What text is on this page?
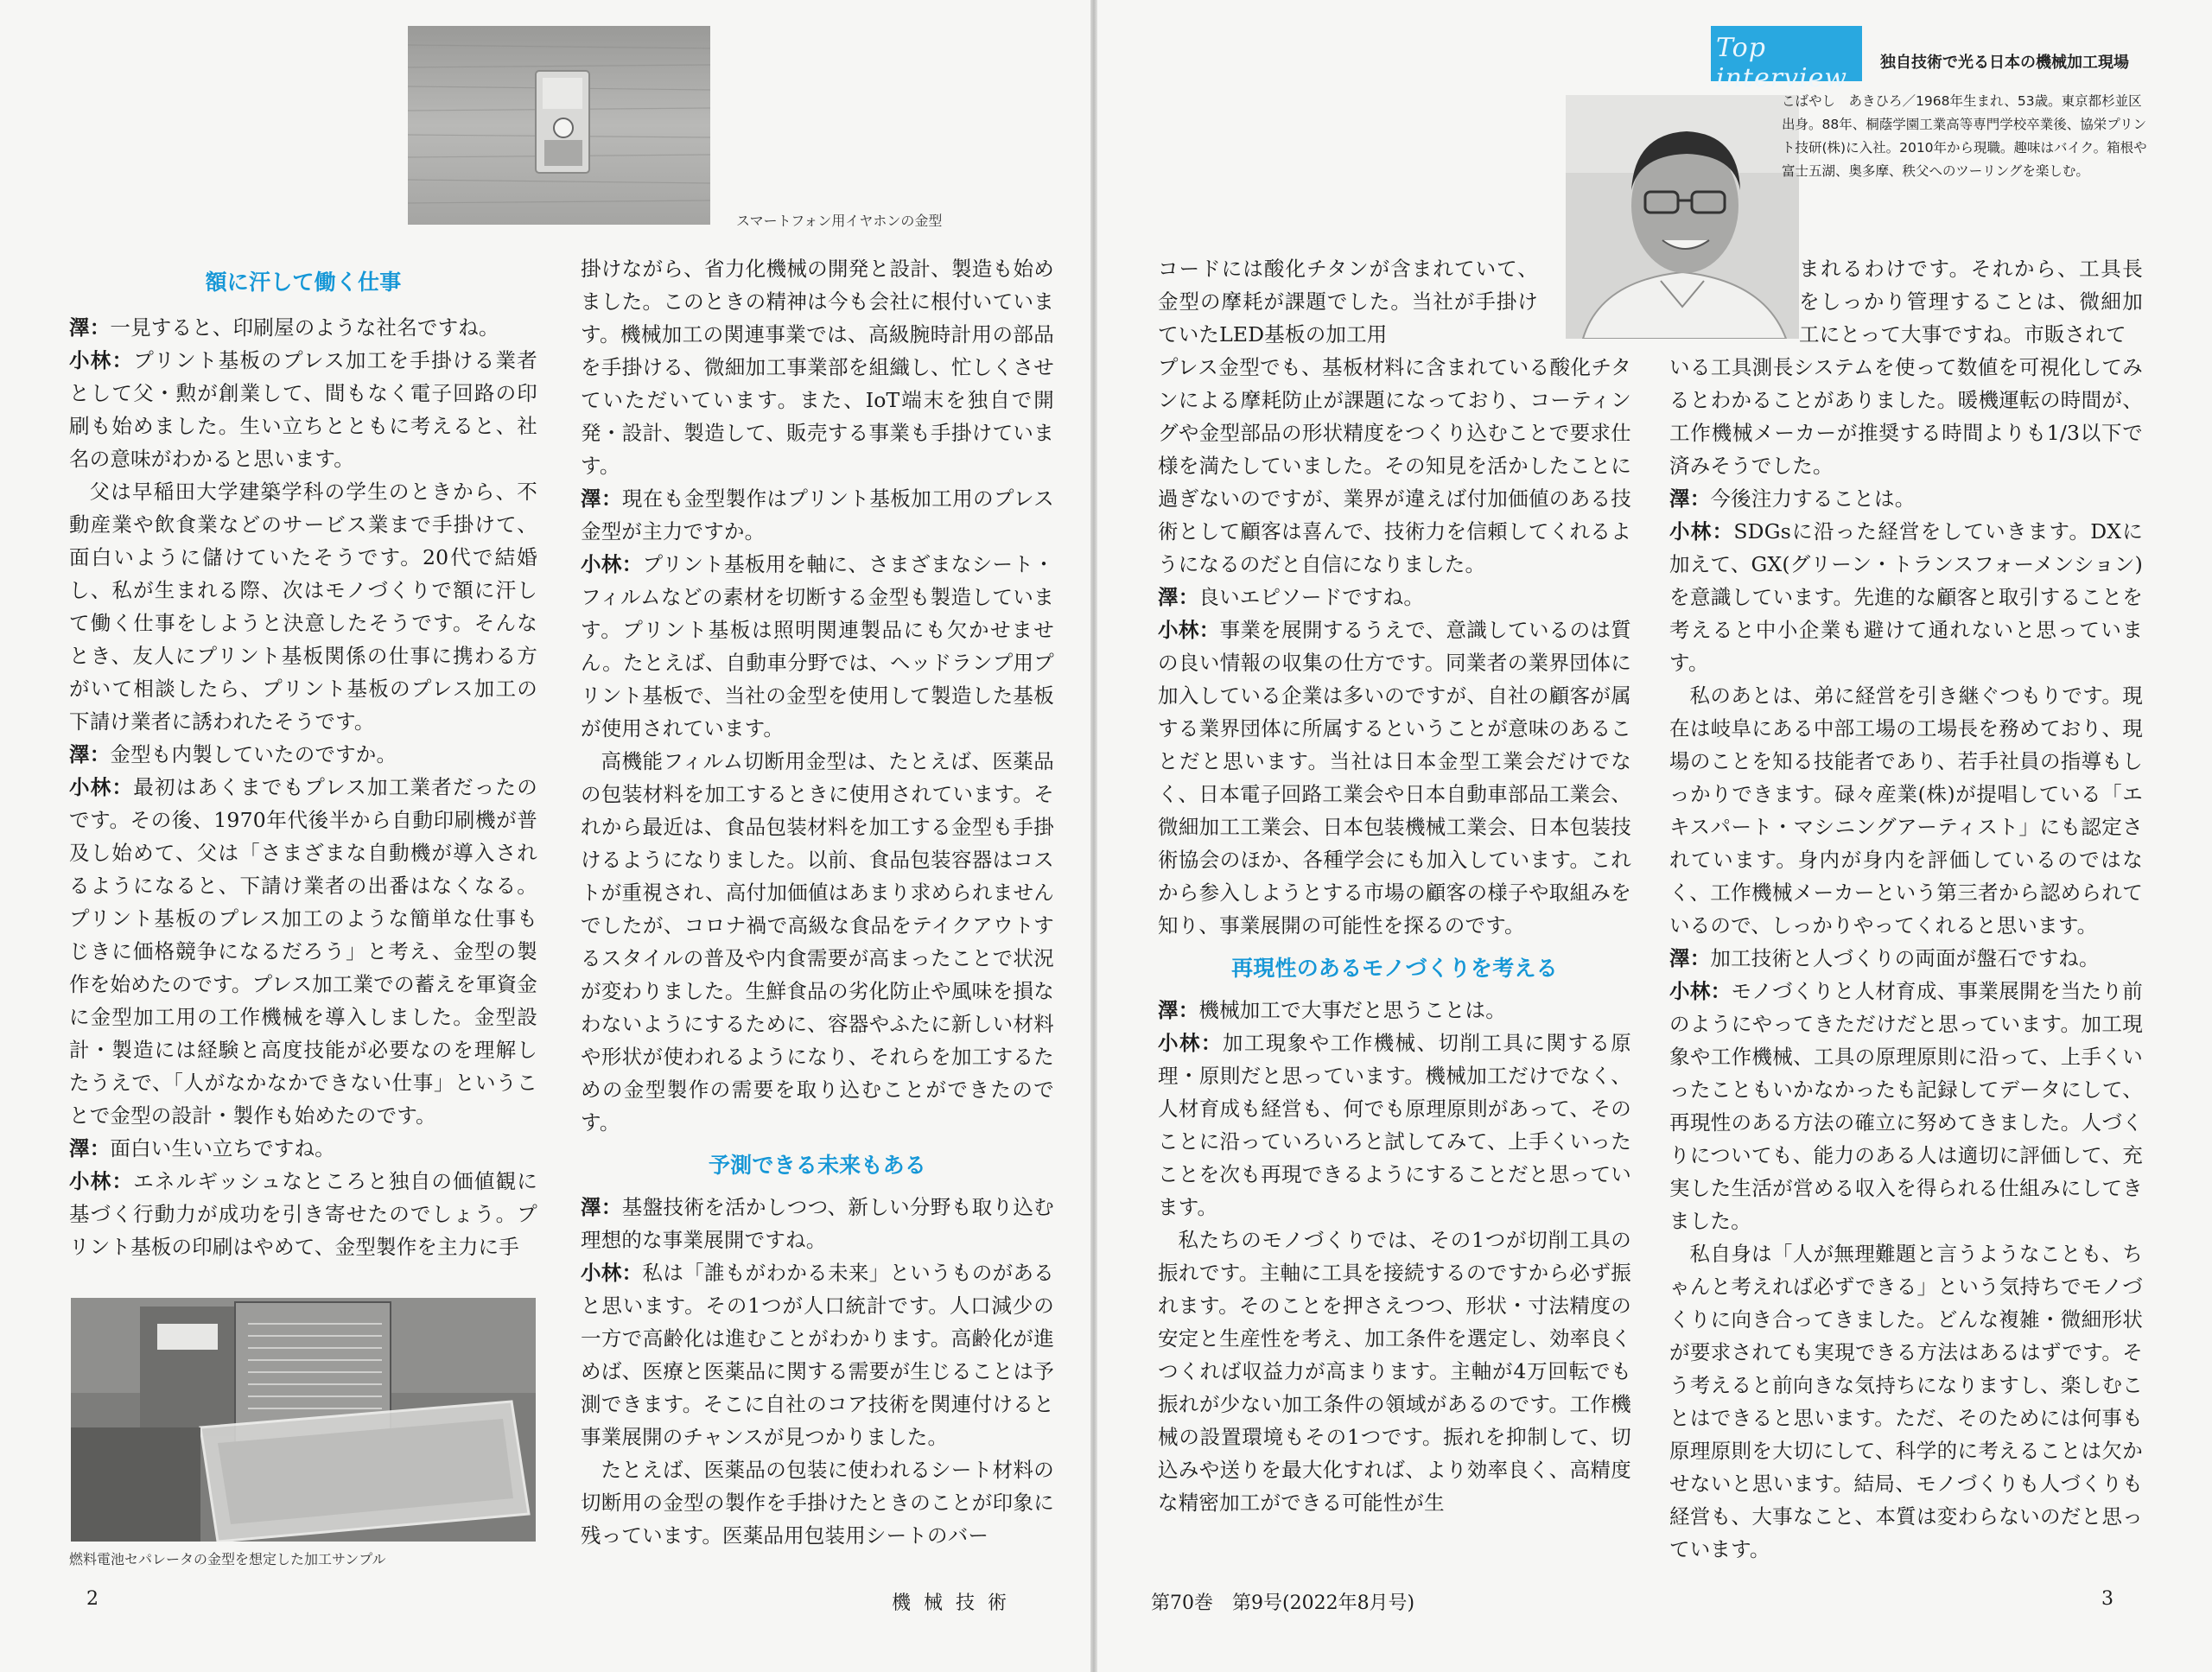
スマートフォン用イヤホンの金型
額に汗して働く仕事

澤：一見すると、印刷屋のような社名ですね。

小林：プリント基板のプレス加工を手掛ける業者として父・勲が創業して、間もなく電子回路の印刷も始めました。生い立ちとともに考えると、社名の意味がわかると思います。

父は早稲田大学建築学科の学生のときから、不動産業や飲食業などのサービス業まで手掛けて、面白いように儲けていたそうです。20代で結婚し、私が生まれる際、次はモノづくりで額に汗して働く仕事をしようと決意したそうです。そんなとき、友人にプリント基板関係の仕事に携わる方がいて相談したら、プリント基板のプレス加工の下請け業者に誘われたそうです。

澤：金型も内製していたのですか。

小林：最初はあくまでもプレス加工業者だったのです。その後、1970年代後半から自動印刷機が普及し始めて、父は「さまざまな自動機が導入されるようになると、下請け業者の出番はなくなる。プリント基板のプレス加工のような簡単な仕事もじきに価格競争になるだろう」と考え、金型の製作を始めたのです。プレス加工業での蓄えを軍資金に金型加工用の工作機械を導入しました。金型設計・製造には経験と高度技能が必要なのを理解したうえで、「人がなかなかできない仕事」ということで金型の設計・製作も始めたのです。

澤：面白い生い立ちですね。

小林：エネルギッシュなところと独自の価値観に基づく行動力が成功を引き寄せたのでしょう。プリント基板の印刷はやめて、金型製作を主力に手

燃料電池セパレータの金型を想定した加工サンプル

掛けながら、省力化機械の開発と設計、製造も始めました。このときの精神は今も会社に根付いています。機械加工の関連事業では、高級腕時計用の部品を手掛ける、微細加工事業部を組織し、忙しくさせていただいています。また、IoT端末を独自で開発・設計、製造して、販売する事業も手掛けています。

澤：現在も金型製作はプリント基板加工用のプレス金型が主力ですか。

小林：プリント基板用を軸に、さまざまなシート・フィルムなどの素材を切断する金型も製造しています。プリント基板は照明関連製品にも欠かせません。たとえば、自動車分野では、ヘッドランプ用プリント基板で、当社の金型を使用して製造した基板が使用されています。

高機能フィルム切断用金型は、たとえば、医薬品の包装材料を加工するときに使用されています。それから最近は、食品包装材料を加工する金型も手掛けるようになりました。以前、食品包装容器はコストが重視され、高付加価値はあまり求められませんでしたが、コロナ禍で高級な食品をテイクアウトするスタイルの普及や内食需要が高まったことで状況が変わりました。生鮮食品の劣化防止や風味を損なわないようにするために、容器やふたに新しい材料や形状が使われるようになり、それらを加工するための金型製作の需要を取り込むことができたのです。

予測できる未来もある

澤：基盤技術を活かしつつ、新しい分野も取り込む理想的な事業展開ですね。

小林：私は「誰もがわかる未来」というものがあると思います。その1つが人口統計です。人口減少の一方で高齢化は進むことがわかります。高齢化が進めば、医療と医薬品に関する需要が生じることは予測できます。そこに自社のコア技術を関連付けると事業展開のチャンスが見つかりました。

たとえば、医薬品の包装に使われるシート材料の切断用の金型の製作を手掛けたときのことが印象に残っています。医薬品用包装用シートのバー

2	機 械 技 術
Top interview
独自技術で光る日本の機械加工現場
こばやし　あきひろ／1968年生まれ、53歳。東京都杉並区出身。88年、桐蔭学園工業高等専門学校卒業後、協栄プリント技研(株)に入社。2010年から現職。趣味はバイク。箱根や富士五湖、奥多摩、秩父へのツーリングを楽しむ。

コードには酸化チタンが含まれていて、金型の摩耗が課題でした。当社が手掛けていたLED基板の加工用

プレス金型でも、基板材料に含まれている酸化チタンによる摩耗防止が課題になっており、コーティングや金型部品の形状精度をつくり込むことで要求仕様を満たしていました。その知見を活かしたことに過ぎないのですが、業界が違えば付加価値のある技術として顧客は喜んで、技術力を信頼してくれるようになるのだと自信になりました。

澤：良いエピソードですね。

小林：事業を展開するうえで、意識しているのは質の良い情報の収集の仕方です。同業者の業界団体に加入している企業は多いのですが、自社の顧客が属する業界団体に所属するということが意味のあることだと思います。当社は日本金型工業会だけでなく、日本電子回路工業会や日本自動車部品工業会、微細加工工業会、日本包装機械工業会、日本包装技術協会のほか、各種学会にも加入しています。これから参入しようとする市場の顧客の様子や取組みを知り、事業展開の可能性を探るのです。

再現性のあるモノづくりを考える

澤：機械加工で大事だと思うことは。

小林：加工現象や工作機械、切削工具に関する原理・原則だと思っています。機械加工だけでなく、人材育成も経営も、何でも原理原則があって、そのことに沿っていろいろと試してみて、上手くいったことを次も再現できるようにすることだと思っています。

私たちのモノづくりでは、その1つが切削工具の振れです。主軸に工具を接続するのですから必ず振れます。そのことを押さえつつ、形状・寸法精度の安定と生産性を考え、加工条件を選定し、効率良くつくれば収益力が高まります。主軸が4万回転でも振れが少ない加工条件の領域があるのです。工作機械の設置環境もその1つです。振れを抑制して、切込みや送りを最大化すれば、より効率良く、高精度な精密加工ができる可能性が生

まれるわけです。それから、工具長をしっかり管理することは、微細加工にとって大事ですね。市販されて

いる工具測長システムを使って数値を可視化してみるとわかることがありました。暖機運転の時間が、工作機械メーカーが推奨する時間よりも1/3以下で済みそうでした。

澤：今後注力することは。

小林：SDGsに沿った経営をしていきます。DXに加えて、GX(グリーン・トランスフォーメンション)を意識しています。先進的な顧客と取引することを考えると中小企業も避けて通れないと思っています。

私のあとは、弟に経営を引き継ぐつもりです。現在は岐阜にある中部工場の工場長を務めており、現場のことを知る技能者であり、若手社員の指導もしっかりできます。碌々産業(株)が提唱している「エキスパート・マシニングアーティスト」にも認定されています。身内が身内を評価しているのではなく、工作機械メーカーという第三者から認められているので、しっかりやってくれると思います。

澤：加工技術と人づくりの両面が盤石ですね。

小林：モノづくりと人材育成、事業展開を当たり前のようにやってきただけだと思っています。加工現象や工作機械、工具の原理原則に沿って、上手くいったこともいかなかったも記録してデータにして、再現性のある方法の確立に努めてきました。人づくりについても、能力のある人は適切に評価して、充実した生活が営める収入を得られる仕組みにしてきました。

私自身は「人が無理難題と言うようなことも、ちゃんと考えれば必ずできる」という気持ちでモノづくりに向き合ってきました。どんな複雑・微細形状が要求されても実現できる方法はあるはずです。そう考えると前向きな気持ちになりますし、楽しむことはできると思います。ただ、そのためには何事も原理原則を大切にして、科学的に考えることは欠かせないと思います。結局、モノづくりも人づくりも経営も、大事なこと、本質は変わらないのだと思っています。

第70巻　第9号(2022年8月号)	3
